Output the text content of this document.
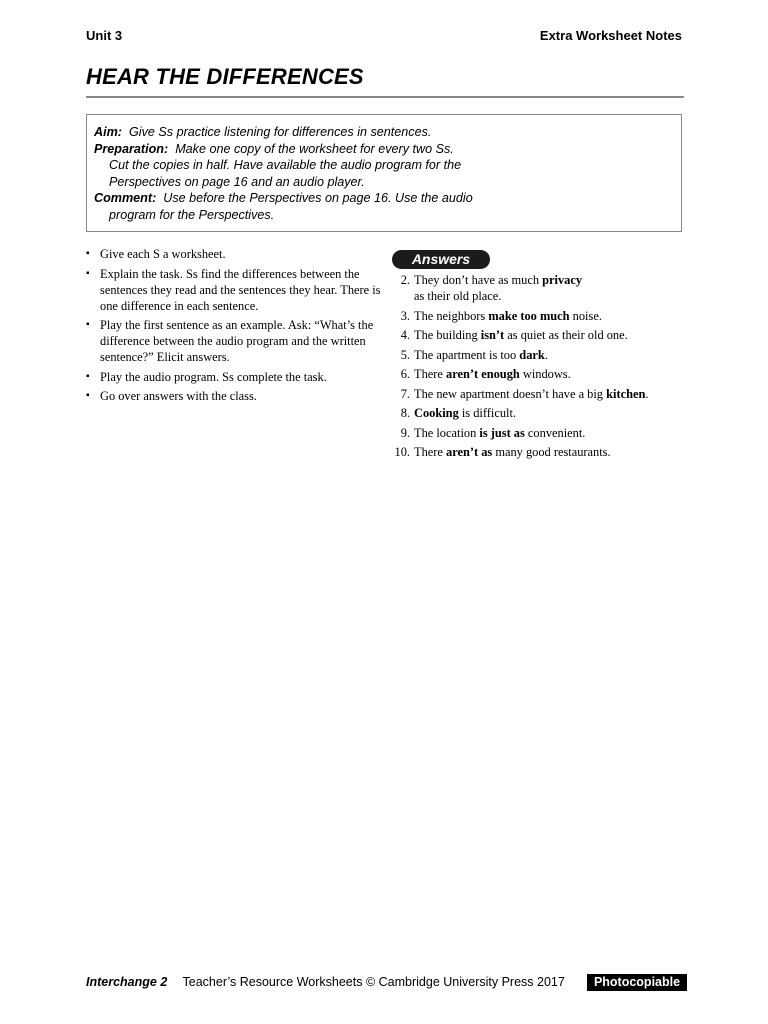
Unit 3	Extra Worksheet Notes
HEAR THE DIFFERENCES

Aim: Give Ss practice listening for differences in sentences.

Preparation: Make one copy of the worksheet for every two Ss.

Cut the copies in half. Have available the audio program for the

Perspectives on page 16 and an audio player.

Comment: Use before the Perspectives on page 16. Use the audio

program for the Perspectives.

▪ Give each S a worksheet.
▪ Explain the task. Ss find the differences between the sentences they read and the sentences they hear. There is one difference in each sentence.
▪ Play the first sentence as an example. Ask: “What’s the difference between the audio program and the written sentence?” Elicit answers.
▪ Play the audio program. Ss complete the task.
▪ Go over answers with the class.
Answers
2. They don’t have as much privacy
as their old place.
3. The neighbors make too much noise.
4. The building isn’t as quiet as their old one.
5. The apartment is too dark.
6. There aren’t enough windows.
7. The new apartment doesn’t have a big kitchen.
8. Cooking is difficult.
9. The location is just as convenient.
10. There aren’t as many good restaurants.
Interchange 2 Teacher’s Resource Worksheets © Cambridge University Press 2017	Photocopiable
